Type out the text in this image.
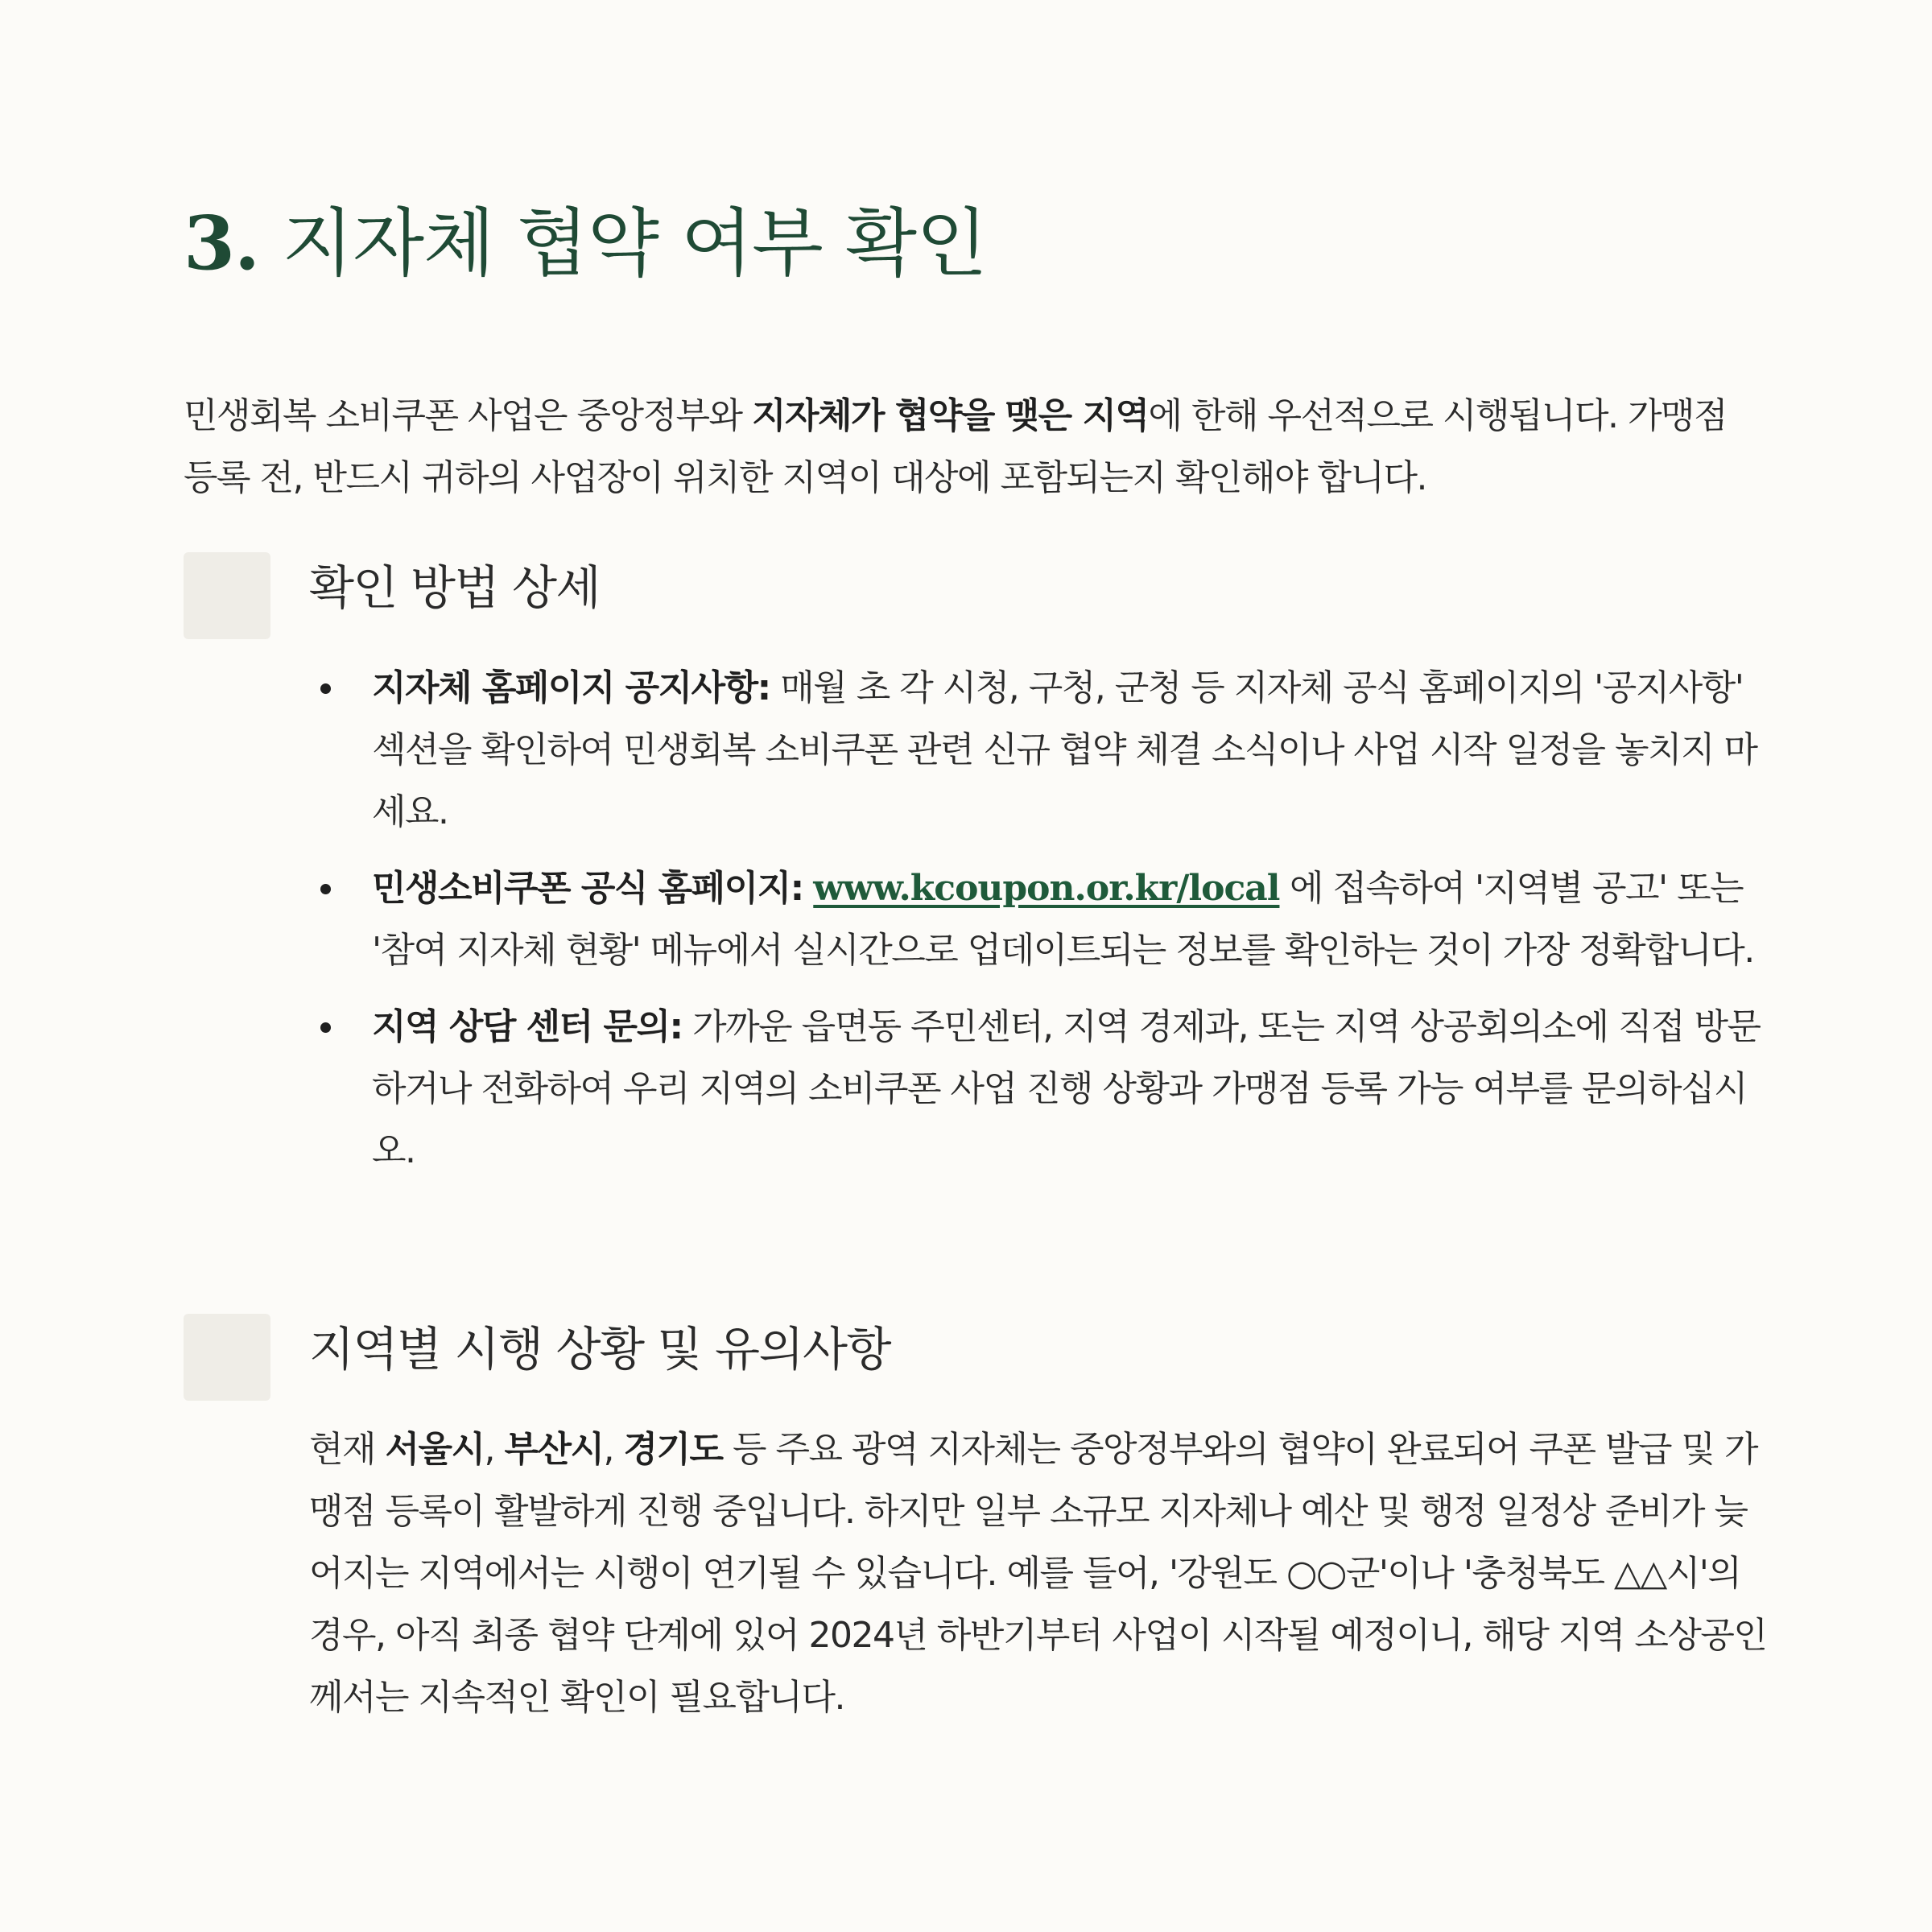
3. 지자체 협약 여부 확인

민생회복 소비쿠폰 사업은 중앙정부와 지자체가 협약을 맺은 지역에 한해 우선적으로 시행됩니다. 가맹점 등록 전, 반드시 귀하의 사업장이 위치한 지역이 대상에 포함되는지 확인해야 합니다.

확인 방법 상세
지자체 홈페이지 공지사항: 매월 초 각 시청, 구청, 군청 등 지자체 공식 홈페이지의 '공지사항' 섹션을 확인하여 민생회복 소비쿠폰 관련 신규 협약 체결 소식이나 사업 시작 일정을 놓치지 마세요.
민생소비쿠폰 공식 홈페이지: www.kcoupon.or.kr/local 에 접속하여 '지역별 공고' 또는 '참여 지자체 현황' 메뉴에서 실시간으로 업데이트되는 정보를 확인하는 것이 가장 정확합니다.
지역 상담 센터 문의: 가까운 읍면동 주민센터, 지역 경제과, 또는 지역 상공회의소에 직접 방문하거나 전화하여 우리 지역의 소비쿠폰 사업 진행 상황과 가맹점 등록 가능 여부를 문의하십시오.
지역별 시행 상황 및 유의사항

현재 서울시, 부산시, 경기도 등 주요 광역 지자체는 중앙정부와의 협약이 완료되어 쿠폰 발급 및 가맹점 등록이 활발하게 진행 중입니다. 하지만 일부 소규모 지자체나 예산 및 행정 일정상 준비가 늦어지는 지역에서는 시행이 연기될 수 있습니다. 예를 들어, '강원도 ○○군'이나 '충청북도 △△시'의 경우, 아직 최종 협약 단계에 있어 2024년 하반기부터 사업이 시작될 예정이니, 해당 지역 소상공인께서는 지속적인 확인이 필요합니다.
